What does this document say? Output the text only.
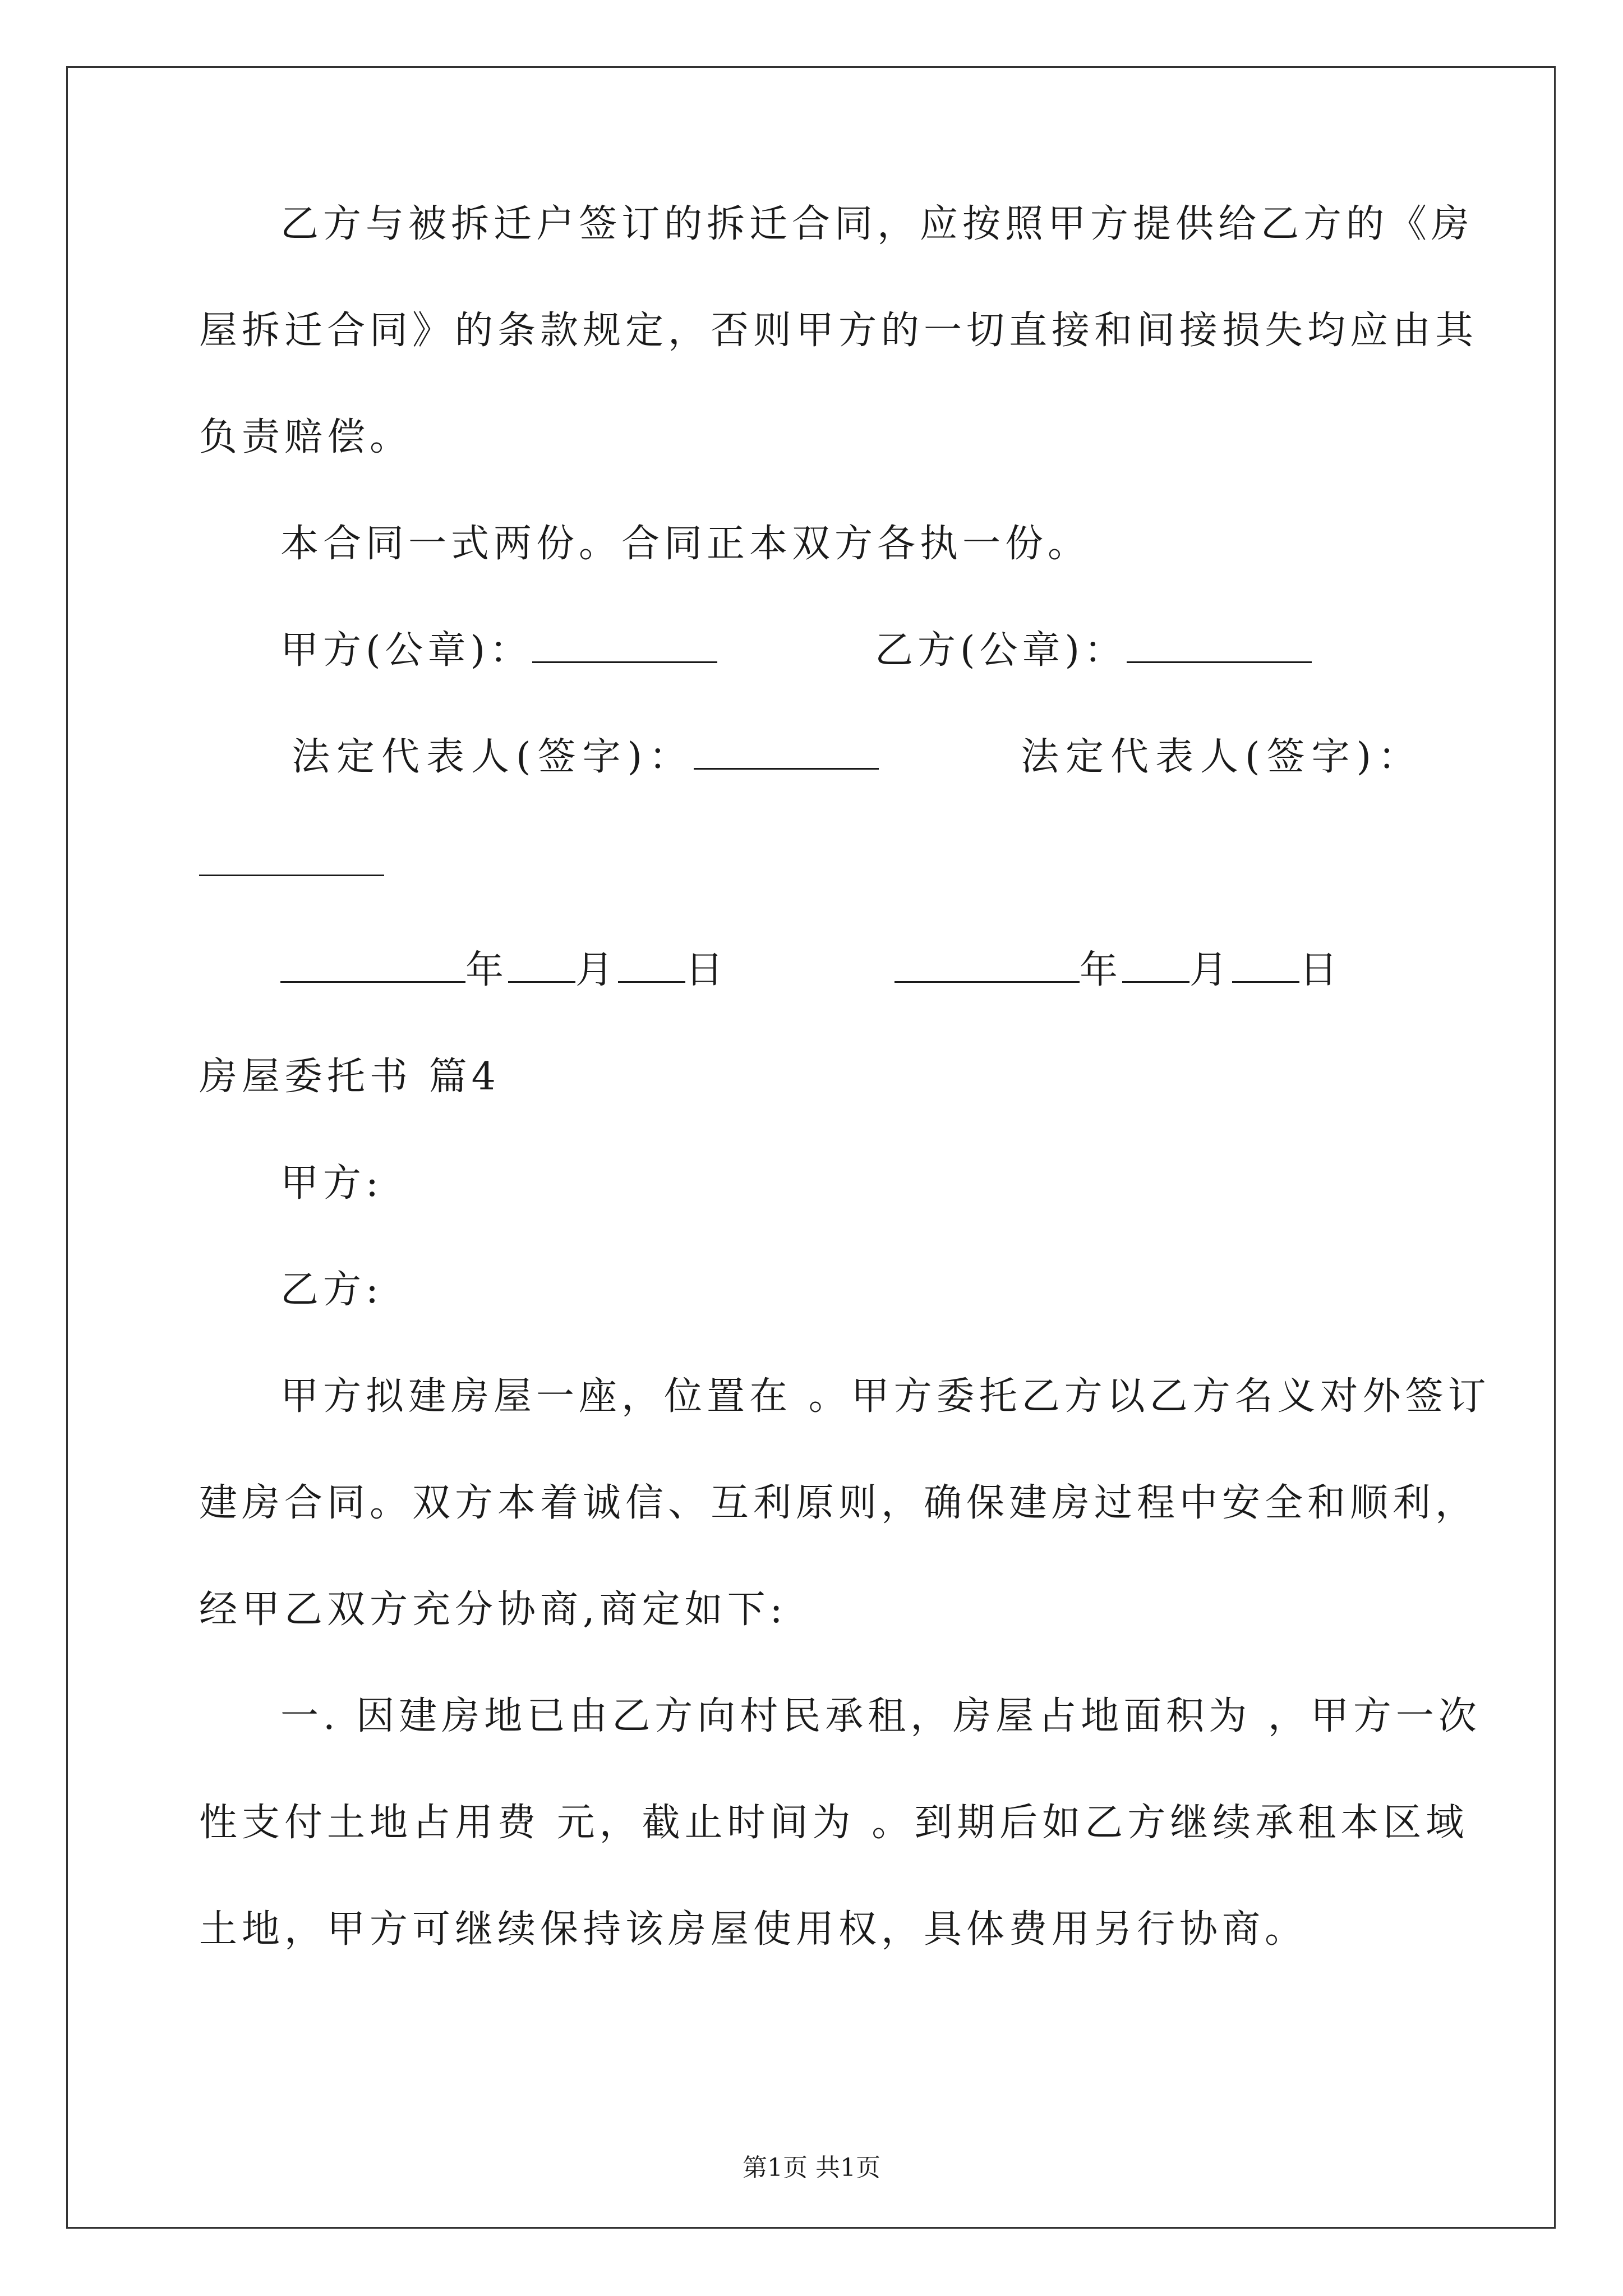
乙方与被拆迁户签订的拆迁合同，应按照甲方提供给乙方的《房
屋拆迁合同》的条款规定，否则甲方的一切直接和间接损失均应由其
负责赔偿。
本合同一式两份。合同正本双方各执一份。
甲方(公章)：	乙方(公章)：
法定代表人(签字)：	法定代表人(签字)：
年 月 日	年 月 日
房屋委托书 篇4
甲方:
乙方:
甲方拟建房屋一座，位置在 。甲方委托乙方以乙方名义对外签订
建房合同。双方本着诚信、互利原则，确保建房过程中安全和顺利，
经甲乙双方充分协商,商定如下:
一. 因建房地已由乙方向村民承租，房屋占地面积为 ，甲方一次
性支付土地占用费 元，截止时间为 。到期后如乙方继续承租本区域
土地，甲方可继续保持该房屋使用权，具体费用另行协商。
第1页 共1页
